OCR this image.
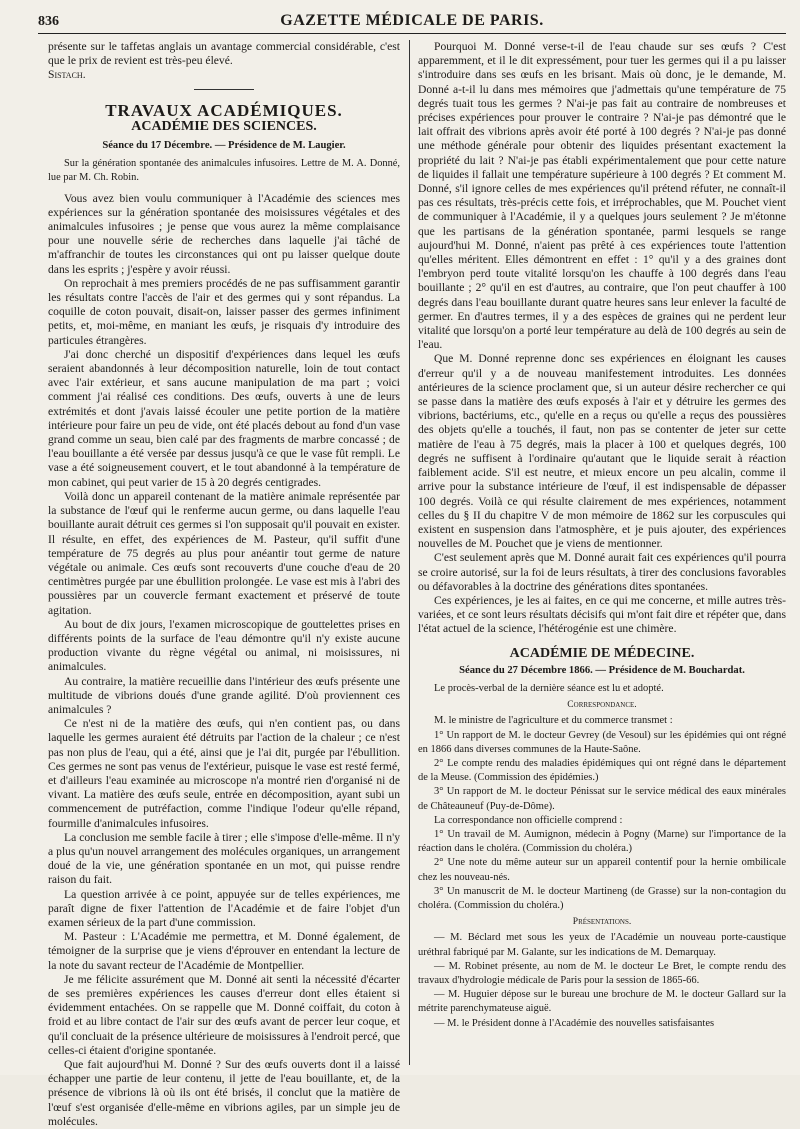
836	GAZETTE MÉDICALE DE PARIS.

présente sur le taffetas anglais un avantage commercial considérable, c'est que le prix de revient est très-peu élevé.

Sistach.

TRAVAUX ACADÉMIQUES.
ACADÉMIE DES SCIENCES.
Séance du 17 Décembre. — Présidence de M. Laugier.

Sur la génération spontanée des animalcules infusoires. Lettre de M. A. Donné, lue par M. Ch. Robin.

Vous avez bien voulu communiquer à l'Académie des sciences mes expériences sur la génération spontanée des moisissures végétales et des animalcules infusoires ; je pense que vous aurez la même complaisance pour une nouvelle série de recherches dans laquelle j'ai tâché de m'affranchir de toutes les circonstances qui ont pu laisser quelque doute dans les esprits ; j'espère y avoir réussi.

On reprochait à mes premiers procédés de ne pas suffisamment garantir les résultats contre l'accès de l'air et des germes qui y sont répandus. La coquille de coton pouvait, disait-on, laisser passer des germes infiniment petits, et, moi-même, en maniant les œufs, je risquais d'y introduire des particules étrangères.

J'ai donc cherché un dispositif d'expériences dans lequel les œufs seraient abandonnés à leur décomposition naturelle, loin de tout contact avec l'air extérieur, et sans aucune manipulation de ma part ; voici comment j'ai réalisé ces conditions. Des œufs, ouverts à une de leurs extrémités et dont j'avais laissé écouler une petite portion de la matière intérieure pour faire un peu de vide, ont été placés debout au fond d'un vase grand comme un seau, bien calé par des fragments de marbre concassé ; de l'eau bouillante a été versée par dessus jusqu'à ce que le vase fût rempli. Le vase a été soigneusement couvert, et le tout abandonné à la température de mon cabinet, qui peut varier de 15 à 20 degrés centigrades.

Voilà donc un appareil contenant de la matière animale représentée par la substance de l'œuf qui le renferme aucun germe, ou dans laquelle l'eau bouillante aurait détruit ces germes si l'on supposait qu'il pouvait en exister. Il résulte, en effet, des expériences de M. Pasteur, qu'il suffit d'une température de 75 degrés au plus pour anéantir tout germe de nature végétale ou animale. Ces œufs sont recouverts d'une couche d'eau de 20 centimètres purgée par une ébullition prolongée. Le vase est mis à l'abri des poussières par un couvercle fermant exactement et préservé de toute agitation.

Au bout de dix jours, l'examen microscopique de gouttelettes prises en différents points de la surface de l'eau démontre qu'il n'y existe aucune production vivante du règne végétal ou animal, ni moisissures, ni animalcules.

Au contraire, la matière recueillie dans l'intérieur des œufs présente une multitude de vibrions doués d'une grande agilité. D'où proviennent ces animalcules ?

Ce n'est ni de la matière des œufs, qui n'en contient pas, ou dans laquelle les germes auraient été détruits par l'action de la chaleur ; ce n'est pas non plus de l'eau, qui a été, ainsi que je l'ai dit, purgée par l'ébullition. Ces germes ne sont pas venus de l'extérieur, puisque le vase est resté fermé, et d'ailleurs l'eau examinée au microscope n'a montré rien d'organisé ni de vivant. La matière des œufs seule, entrée en décomposition, ayant subi un commencement de putréfaction, comme l'indique l'odeur qu'elle répand, fourmille d'animalcules infusoires.

La conclusion me semble facile à tirer ; elle s'impose d'elle-même. Il n'y a plus qu'un nouvel arrangement des molécules organiques, un arrangement doué de la vie, une génération spontanée en un mot, qui puisse rendre raison du fait.

La question arrivée à ce point, appuyée sur de telles expériences, me paraît digne de fixer l'attention de l'Académie et de faire l'objet d'un examen sérieux de la part d'une commission.

M. Pasteur : L'Académie me permettra, et M. Donné également, de témoigner de la surprise que je viens d'éprouver en entendant la lecture de la note du savant recteur de l'Académie de Montpellier.

Je me félicite assurément que M. Donné ait senti la nécessité d'écarter de ses premières expériences les causes d'erreur dont elles étaient si évidemment entachées. On se rappelle que M. Donné coiffait, du coton à froid et au libre contact de l'air sur des œufs avant de percer leur coque, et qu'il concluait de la présence ultérieure de moisissures à l'endroit percé, que celles-ci étaient d'origine spontanée.

Que fait aujourd'hui M. Donné ? Sur des œufs ouverts dont il a laissé échapper une partie de leur contenu, il jette de l'eau bouillante, et, de la présence de vibrions là où ils ont été brisés, il conclut que la matière de l'œuf s'est organisée d'elle-même en vibrions agiles, par un simple jeu de molécules.

Pourquoi M. Donné verse-t-il de l'eau chaude sur ses œufs ? C'est apparemment, et il le dit expressément, pour tuer les germes qui il a pu laisser s'introduire dans ses œufs en les brisant. Mais où donc, je le demande, M. Donné a-t-il lu dans mes mémoires que j'admettais qu'une température de 75 degrés tuait tous les germes ? N'ai-je pas fait au contraire de nombreuses et précises expériences pour prouver le contraire ? N'ai-je pas démontré que le lait offrait des vibrions après avoir été porté à 100 degrés ? N'ai-je pas donné une méthode générale pour obtenir des liquides présentant exactement la propriété du lait ? N'ai-je pas établi expérimentalement que pour cette nature de liquides il fallait une température supérieure à 100 degrés ? Et comment M. Donné, s'il ignore celles de mes expériences qu'il prétend réfuter, ne connaît-il pas ces résultats, très-précis cette fois, et irréprochables, que M. Pouchet vient de communiquer à l'Académie, il y a quelques jours seulement ? Je m'étonne que les partisans de la génération spontanée, parmi lesquels se range aujourd'hui M. Donné, n'aient pas prêté à ces expériences toute l'attention qu'elles méritent. Elles démontrent en effet : 1° qu'il y a des graines dont l'embryon perd toute vitalité lorsqu'on les chauffe à 100 degrés dans l'eau bouillante ; 2° qu'il en est d'autres, au contraire, que l'on peut chauffer à 100 degrés dans l'eau bouillante durant quatre heures sans leur enlever la faculté de germer. En d'autres termes, il y a des espèces de graines qui ne perdent leur vitalité que lorsqu'on a porté leur température au delà de 100 degrés au sein de l'eau.

Que M. Donné reprenne donc ses expériences en éloignant les causes d'erreur qu'il y a de nouveau manifestement introduites. Les données antérieures de la science proclament que, si un auteur désire rechercher ce qui se passe dans la matière des œufs exposés à l'air et y détruire les germes des vibrions, bactériums, etc., qu'elle en a reçus ou qu'elle a reçus des poussières des objets qu'elle a touchés, il faut, non pas se contenter de jeter sur cette matière de l'eau à 75 degrés, mais la placer à 100 et quelques degrés, 100 degrés ne suffisent à l'ordinaire qu'autant que le liquide serait à réaction faiblement acide. S'il est neutre, et mieux encore un peu alcalin, comme il arrive pour la substance intérieure de l'œuf, il est indispensable de dépasser 100 degrés. Voilà ce qui résulte clairement de mes expériences, notamment celles du § II du chapitre V de mon mémoire de 1862 sur les corpuscules qui existent en suspension dans l'atmosphère, et je puis ajouter, des expériences nouvelles de M. Pouchet que je viens de mentionner.

C'est seulement après que M. Donné aurait fait ces expériences qu'il pourra se croire autorisé, sur la foi de leurs résultats, à tirer des conclusions favorables ou défavorables à la doctrine des générations dites spontanées.

Ces expériences, je les ai faites, en ce qui me concerne, et mille autres très-variées, et ce sont leurs résultats décisifs qui m'ont fait dire et répéter que, dans l'état actuel de la science, l'hétérogénie est une chimère.

ACADÉMIE DE MÉDECINE.
Séance du 27 Décembre 1866. — Présidence de M. Bouchardat.

Le procès-verbal de la dernière séance est lu et adopté.

Correspondance.

M. le ministre de l'agriculture et du commerce transmet :

1° Un rapport de M. le docteur Gevrey (de Vesoul) sur les épidémies qui ont régné en 1866 dans diverses communes de la Haute-Saône.

2° Le compte rendu des maladies épidémiques qui ont régné dans le département de la Meuse. (Commission des épidémies.)

3° Un rapport de M. le docteur Pénissat sur le service médical des eaux minérales de Châteauneuf (Puy-de-Dôme).

La correspondance non officielle comprend :

1° Un travail de M. Aumignon, médecin à Pogny (Marne) sur l'importance de la réaction dans le choléra. (Commission du choléra.)

2° Une note du même auteur sur un appareil contentif pour la hernie ombilicale chez les nouveau-nés.

3° Un manuscrit de M. le docteur Martineng (de Grasse) sur la non-contagion du choléra. (Commission du choléra.)

Présentations.

— M. Béclard met sous les yeux de l'Académie un nouveau porte-caustique uréthral fabriqué par M. Galante, sur les indications de M. Demarquay.

— M. Robinet présente, au nom de M. le docteur Le Bret, le compte rendu des travaux d'hydrologie médicale de Paris pour la session de 1865-66.

— M. Huguier dépose sur le bureau une brochure de M. le docteur Gallard sur la métrite parenchymateuse aiguë.

— M. le Président donne à l'Académie des nouvelles satisfaisantes
